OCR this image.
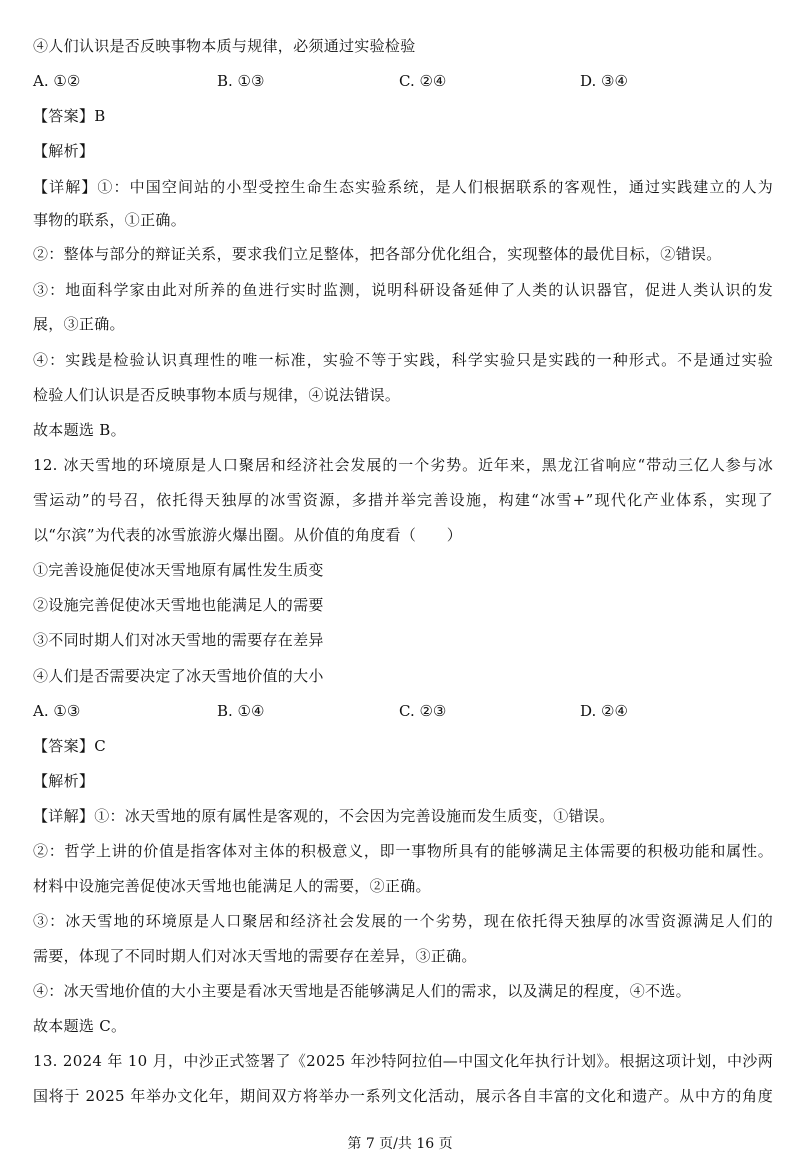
④人们认识是否反映事物本质与规律，必须通过实验检验
A. ①②	B. ①③	C. ②④	D. ③④
【答案】B
【解析】
【详解】①：中国空间站的小型受控生命生态实验系统，是人们根据联系的客观性，通过实践建立的人为
事物的联系，①正确。
②：整体与部分的辩证关系，要求我们立足整体，把各部分优化组合，实现整体的最优目标，②错误。
③：地面科学家由此对所养的鱼进行实时监测，说明科研设备延伸了人类的认识器官，促进人类认识的发
展，③正确。
④：实践是检验认识真理性的唯一标准，实验不等于实践，科学实验只是实践的一种形式。不是通过实验
检验人们认识是否反映事物本质与规律，④说法错误。
故本题选 B。
12. 冰天雪地的环境原是人口聚居和经济社会发展的一个劣势。近年来，黑龙江省响应“带动三亿人参与冰
雪运动”的号召，依托得天独厚的冰雪资源，多措并举完善设施，构建“冰雪+”现代化产业体系，实现了
以“尔滨”为代表的冰雪旅游火爆出圈。从价值的角度看（　　）
①完善设施促使冰天雪地原有属性发生质变
②设施完善促使冰天雪地也能满足人的需要
③不同时期人们对冰天雪地的需要存在差异
④人们是否需要决定了冰天雪地价值的大小
A. ①③	B. ①④	C. ②③	D. ②④
【答案】C
【解析】
【详解】①：冰天雪地的原有属性是客观的，不会因为完善设施而发生质变，①错误。
②：哲学上讲的价值是指客体对主体的积极意义，即一事物所具有的能够满足主体需要的积极功能和属性。
材料中设施完善促使冰天雪地也能满足人的需要，②正确。
③：冰天雪地的环境原是人口聚居和经济社会发展的一个劣势，现在依托得天独厚的冰雪资源满足人们的
需要，体现了不同时期人们对冰天雪地的需要存在差异，③正确。
④：冰天雪地价值的大小主要是看冰天雪地是否能够满足人们的需求，以及满足的程度，④不选。
故本题选 C。
13. 2024 年 10 月，中沙正式签署了《2025 年沙特阿拉伯—中国文化年执行计划》。根据这项计划，中沙两
国将于 2025 年举办文化年，期间双方将举办一系列文化活动，展示各自丰富的文化和遗产。从中方的角度
第 7 页/共 16 页
